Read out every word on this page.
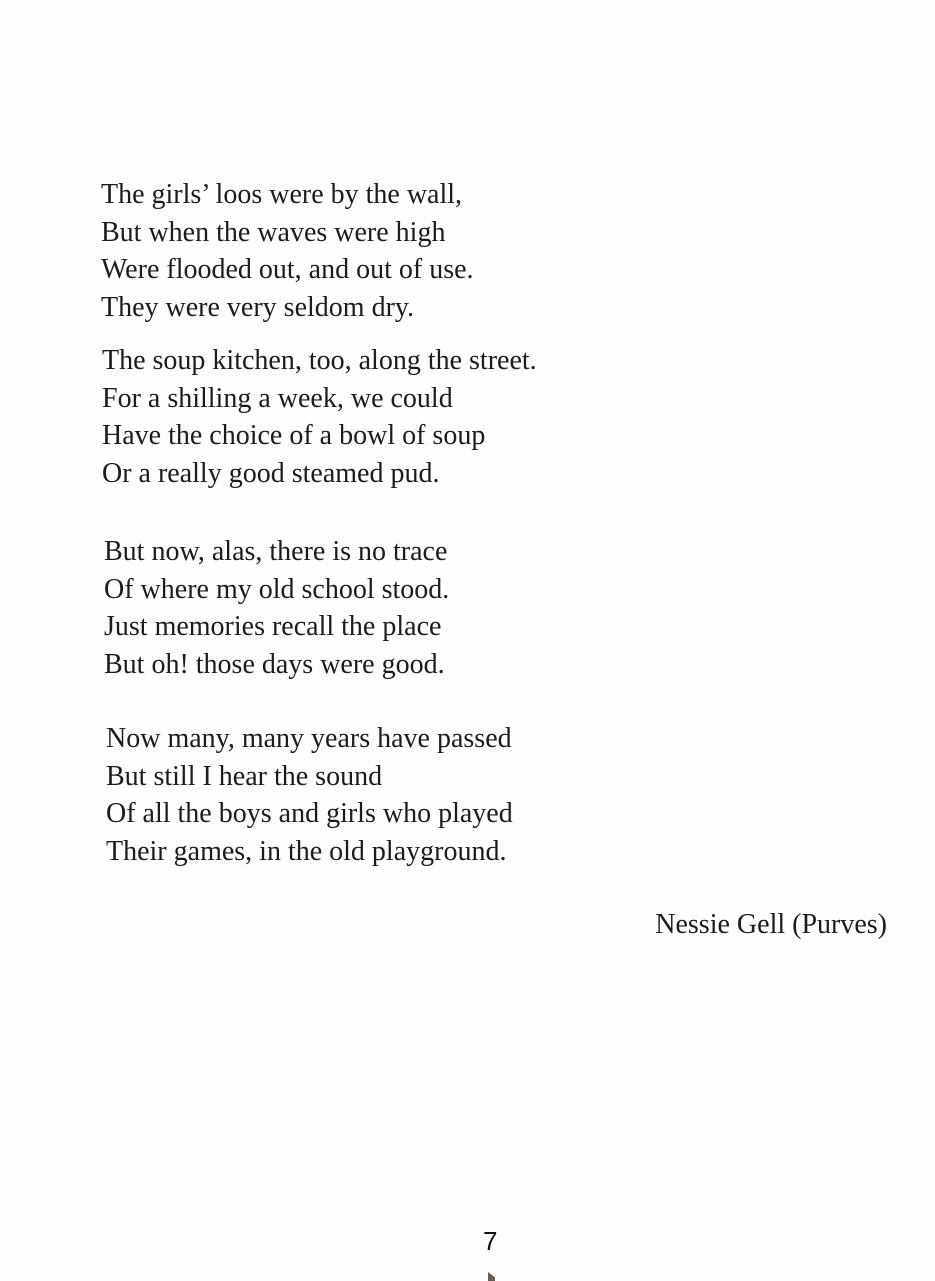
The girls’ loos were by the wall,
But when the waves were high
Were flooded out, and out of use.
They were very seldom dry.

The soup kitchen, too, along the street.
For a shilling a week, we could
Have the choice of a bowl of soup
Or a really good steamed pud.

But now, alas, there is no trace
Of where my old school stood.
Just memories recall the place
But oh! those days were good.

Now many, many years have passed
But still I hear the sound
Of all the boys and girls who played
Their games, in the old playground.

Nessie Gell (Purves)
7
